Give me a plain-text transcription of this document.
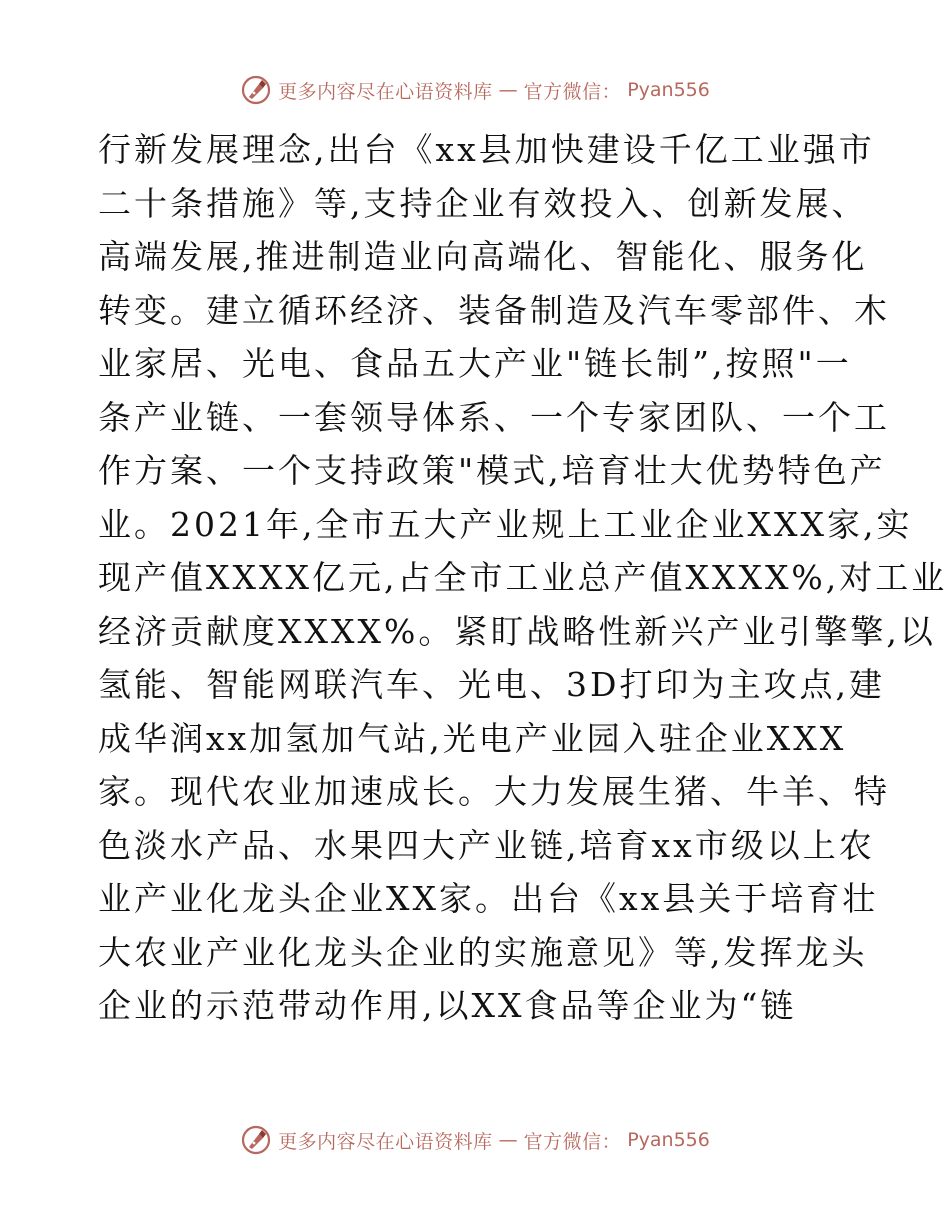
更多内容尽在心语资料库 — 官方微信： Pyan556
行新发展理念,出台《xx县加快建设千亿工业强市
二十条措施》等,支持企业有效投入、创新发展、
高端发展,推进制造业向高端化、智能化、服务化
转变。建立循环经济、装备制造及汽车零部件、木
业家居、光电、食品五大产业"链长制”,按照"一
条产业链、一套领导体系、一个专家团队、一个工
作方案、一个支持政策"模式,培育壮大优势特色产
业。2021年,全市五大产业规上工业企业XXX家,实
现产值XXXX亿元,占全市工业总产值XXXX%,对工业
经济贡献度XXXX%。紧盯战略性新兴产业引擎擎,以
氢能、智能网联汽车、光电、3D打印为主攻点,建
成华润xx加氢加气站,光电产业园入驻企业XXX
家。现代农业加速成长。大力发展生猪、牛羊、特
色淡水产品、水果四大产业链,培育xx市级以上农
业产业化龙头企业XX家。出台《xx县关于培育壮
大农业产业化龙头企业的实施意见》等,发挥龙头
企业的示范带动作用,以XX食品等企业为“链
更多内容尽在心语资料库 — 官方微信： Pyan556
